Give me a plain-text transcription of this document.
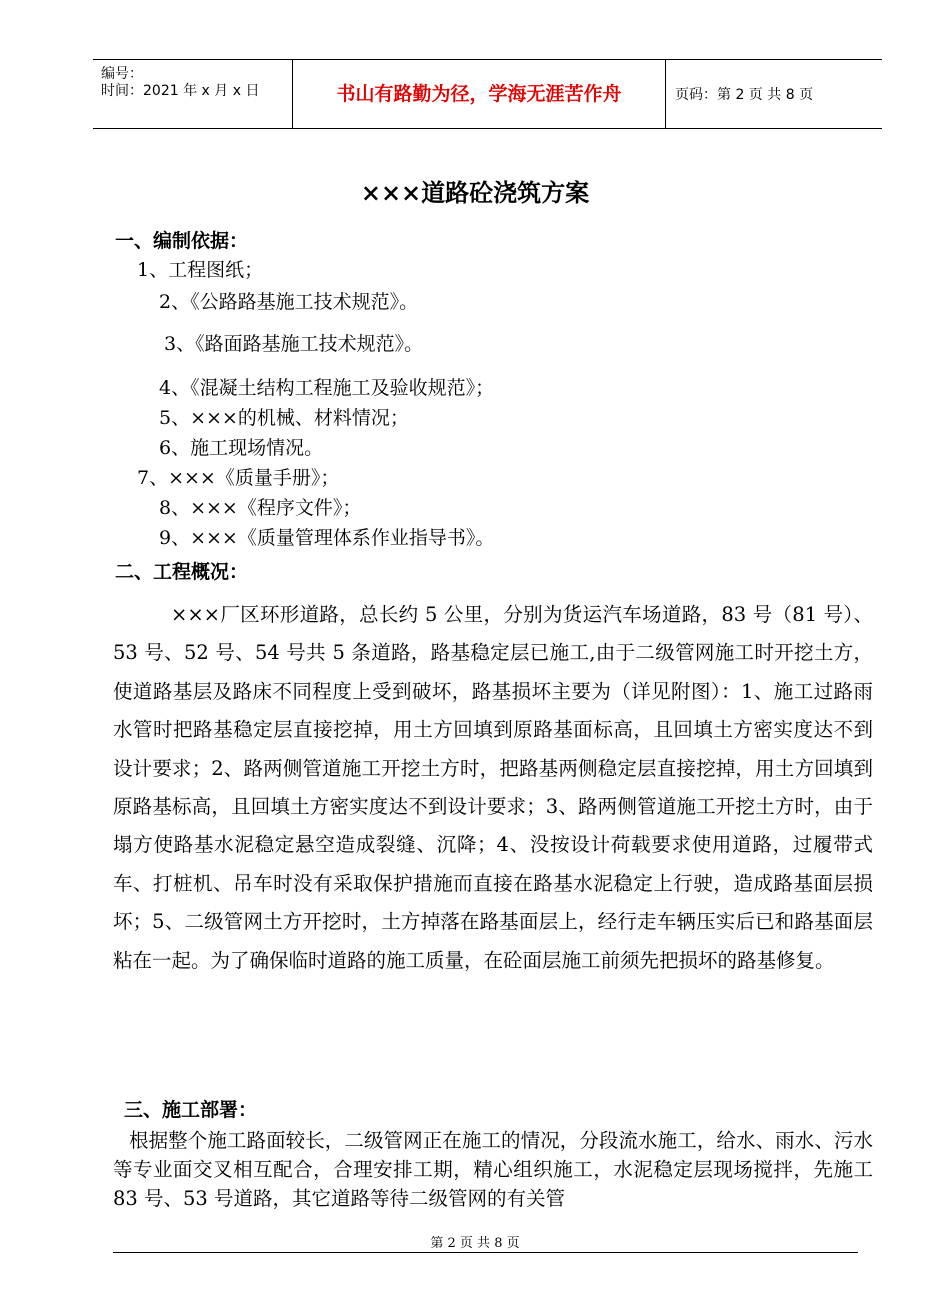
编号：
时间：2021 年 x 月 x 日	书山有路勤为径，学海无涯苦作舟	页码：第 2 页 共 8 页
×××道路砼浇筑方案
一、编制依据：
1、工程图纸；
2、《公路路基施工技术规范》。
3、《路面路基施工技术规范》。
4、《混凝土结构工程施工及验收规范》；
5、×××的机械、材料情况；
6、施工现场情况。
7、×××《质量手册》；
8、×××《程序文件》；
9、×××《质量管理体系作业指导书》。
二、工程概况：
×××厂区环形道路，总长约 5 公里，分别为货运汽车场道路，83 号（81 号）、53 号、52 号、54 号共 5 条道路，路基稳定层已施工,由于二级管网施工时开挖土方，使道路基层及路床不同程度上受到破坏，路基损坏主要为（详见附图）：1、施工过路雨水管时把路基稳定层直接挖掉，用土方回填到原路基面标高，且回填土方密实度达不到设计要求；2、路两侧管道施工开挖土方时，把路基两侧稳定层直接挖掉，用土方回填到原路基标高，且回填土方密实度达不到设计要求；3、路两侧管道施工开挖土方时，由于塌方使路基水泥稳定悬空造成裂缝、沉降；4、没按设计荷载要求使用道路，过履带式车、打桩机、吊车时没有采取保护措施而直接在路基水泥稳定上行驶，造成路基面层损坏；5、二级管网土方开挖时，土方掉落在路基面层上，经行走车辆压实后已和路基面层粘在一起。为了确保临时道路的施工质量，在砼面层施工前须先把损坏的路基修复。
三、施工部署：
根据整个施工路面较长，二级管网正在施工的情况，分段流水施工，给水、雨水、污水等专业面交叉相互配合，合理安排工期，精心组织施工，水泥稳定层现场搅拌，先施工 83 号、53 号道路，其它道路等待二级管网的有关管
第 2 页 共 8 页
